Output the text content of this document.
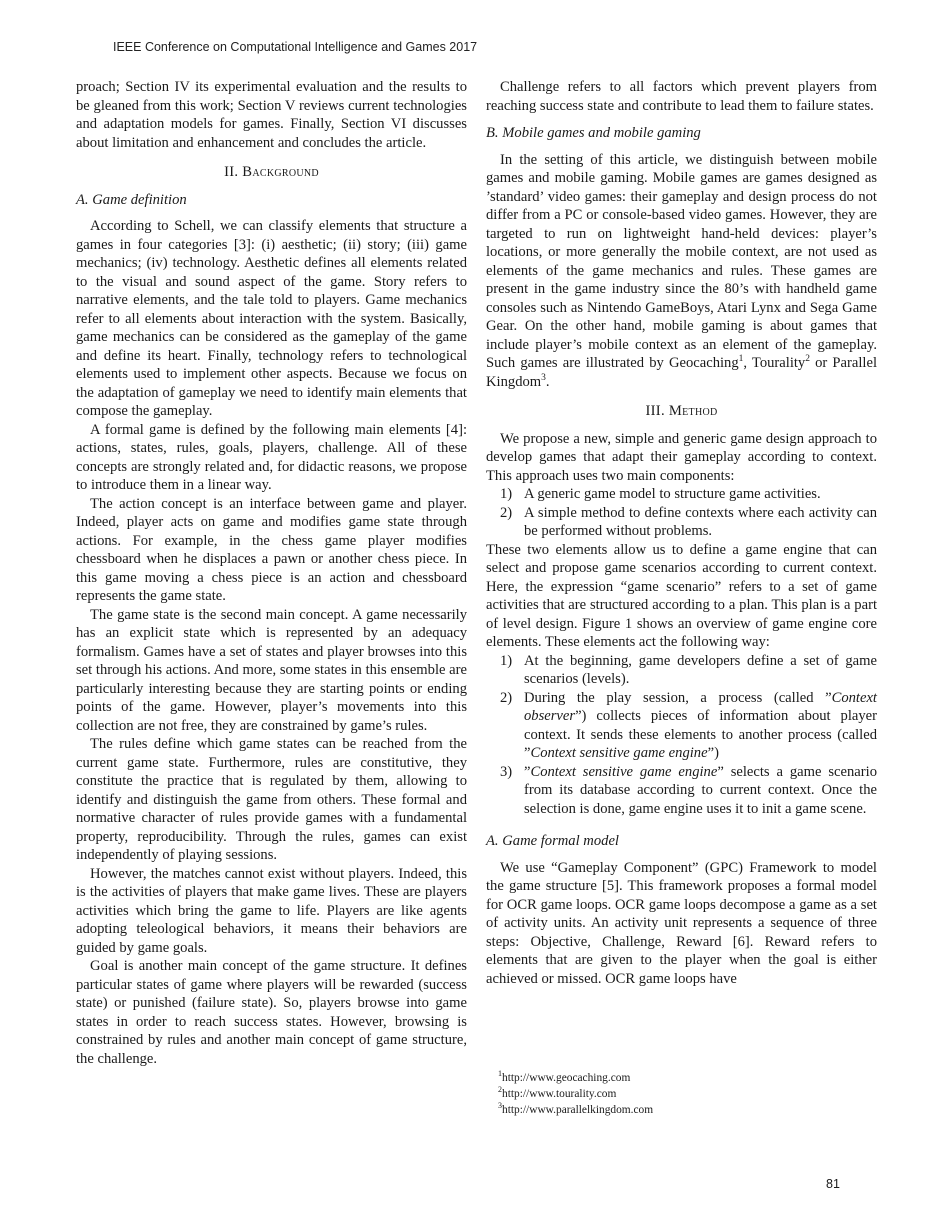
IEEE Conference on Computational Intelligence and Games 2017

proach; Section IV its experimental evaluation and the results to be gleaned from this work; Section V reviews current technologies and adaptation models for games. Finally, Section VI discusses about limitation and enhancement and concludes the article.

II. Background
A. Game definition

According to Schell, we can classify elements that structure a games in four categories [3]: (i) aesthetic; (ii) story; (iii) game mechanics; (iv) technology. Aesthetic defines all elements related to the visual and sound aspect of the game. Story refers to narrative elements, and the tale told to players. Game mechanics refer to all elements about interaction with the system. Basically, game mechanics can be considered as the gameplay of the game and define its heart. Finally, technology refers to technological elements used to implement other aspects. Because we focus on the adaptation of gameplay we need to identify main elements that compose the gameplay.

A formal game is defined by the following main elements [4]: actions, states, rules, goals, players, challenge. All of these concepts are strongly related and, for didactic reasons, we propose to introduce them in a linear way.

The action concept is an interface between game and player. Indeed, player acts on game and modifies game state through actions. For example, in the chess game player modifies chessboard when he displaces a pawn or another chess piece. In this game moving a chess piece is an action and chessboard represents the game state.

The game state is the second main concept. A game necessarily has an explicit state which is represented by an adequacy formalism. Games have a set of states and player browses into this set through his actions. And more, some states in this ensemble are particularly interesting because they are starting points or ending points of the game. However, player’s movements into this collection are not free, they are constrained by game’s rules.

The rules define which game states can be reached from the current game state. Furthermore, rules are constitutive, they constitute the practice that is regulated by them, allowing to identify and distinguish the game from others. These formal and normative character of rules provide games with a fundamental property, reproducibility. Through the rules, games can exist independently of playing sessions.

However, the matches cannot exist without players. Indeed, this is the activities of players that make game lives. These are players activities which bring the game to life. Players are like agents adopting teleological behaviors, it means their behaviors are guided by game goals.

Goal is another main concept of the game structure. It defines particular states of game where players will be rewarded (success state) or punished (failure state). So, players browse into game states in order to reach success states. However, browsing is constrained by rules and another main concept of game structure, the challenge.

Challenge refers to all factors which prevent players from reaching success state and contribute to lead them to failure states.

B. Mobile games and mobile gaming

In the setting of this article, we distinguish between mobile games and mobile gaming. Mobile games are games designed as ’standard’ video games: their gameplay and design process do not differ from a PC or console-based video games. However, they are targeted to run on lightweight hand-held devices: player’s locations, or more generally the mobile context, are not used as elements of the game mechanics and rules. These games are present in the game industry since the 80’s with handheld game consoles such as Nintendo GameBoys, Atari Lynx and Sega Game Gear. On the other hand, mobile gaming is about games that include player’s mobile context as an element of the gameplay. Such games are illustrated by Geocaching$^1$, Tourality$^2$ or Parallel Kingdom$^3$.

III. Method

We propose a new, simple and generic game design approach to develop games that adapt their gameplay according to context. This approach uses two main components:

1) A generic game model to structure game activities.
2) A simple method to define contexts where each activity can be performed without problems.

These two elements allow us to define a game engine that can select and propose game scenarios according to current context. Here, the expression “game scenario” refers to a set of game activities that are structured according to a plan. This plan is a part of level design. Figure 1 shows an overview of game engine core elements. These elements act the following way:

1) At the beginning, game developers define a set of game scenarios (levels).
2) During the play session, a process (called ”Context observer”) collects pieces of information about player context. It sends these elements to another process (called ”Context sensitive game engine”)
3) ”Context sensitive game engine” selects a game scenario from its database according to current context. Once the selection is done, game engine uses it to init a game scene.
A. Game formal model

We use “Gameplay Component” (GPC) Framework to model the game structure [5]. This framework proposes a formal model for OCR game loops. OCR game loops decompose a game as a set of activity units. An activity unit represents a sequence of three steps: Objective, Challenge, Reward [6]. Reward refers to elements that are given to the player when the goal is either achieved or missed. OCR game loops have

$^1$http://www.geocaching.com
$^2$http://www.tourality.com
$^3$http://www.parallelkingdom.com
81
